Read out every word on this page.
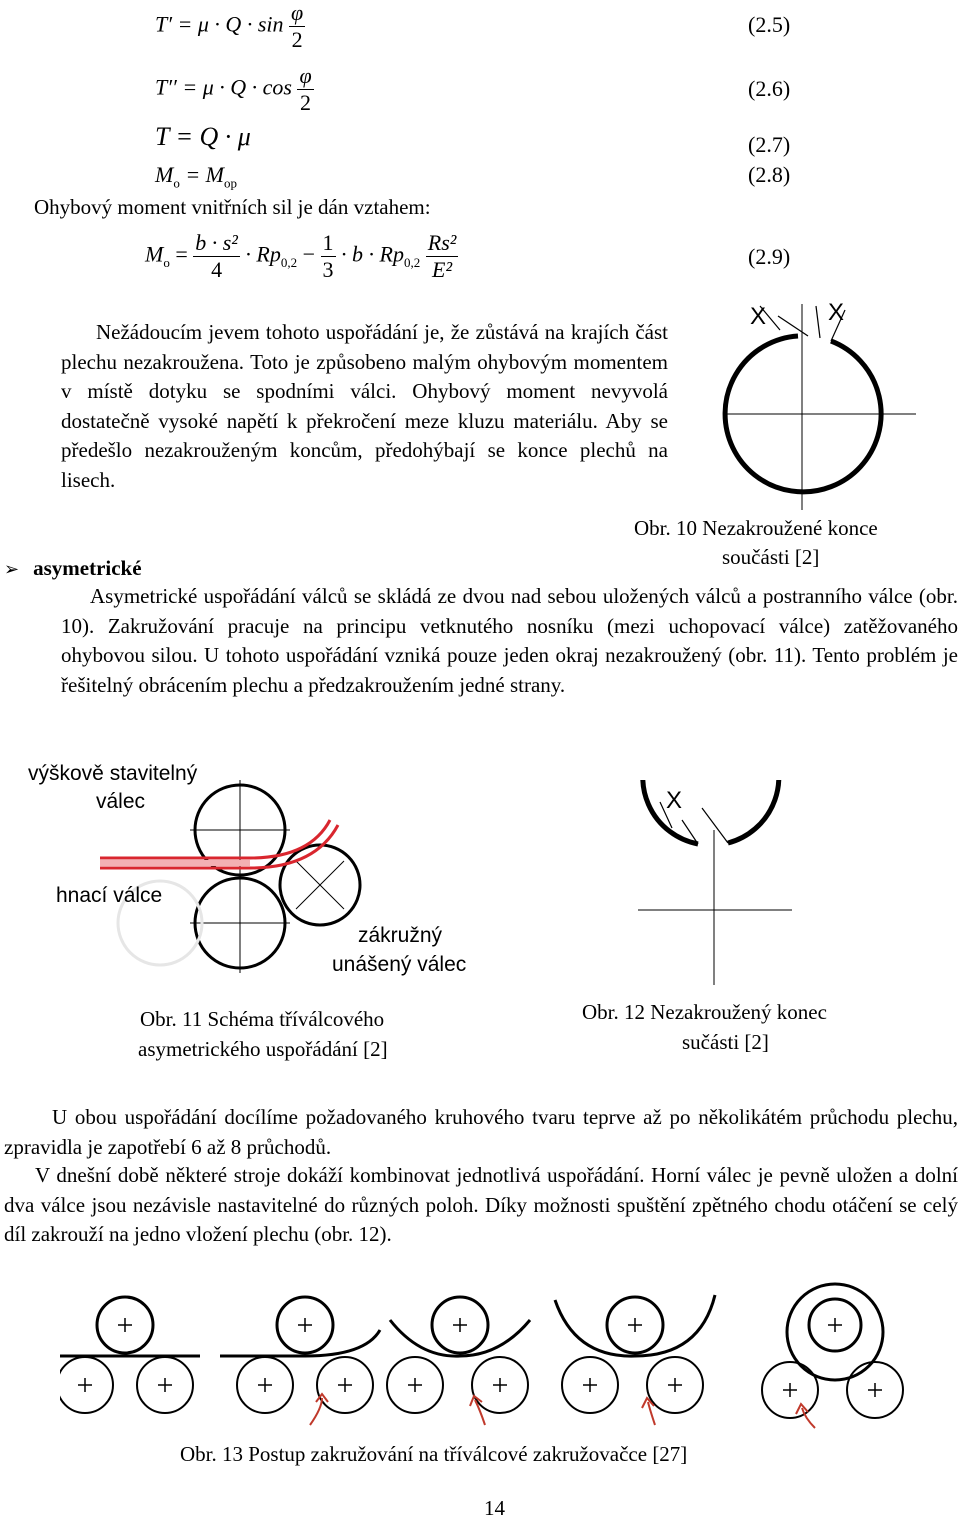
$T' = \mu \cdot Q \cdot \sin \frac{\varphi}{2}$	(2.5)
$T'' = \mu \cdot Q \cdot \cos \frac{\varphi}{2}$	(2.6)
T = Q · μ	(2.7)
$M_o = M_{op}$	(2.8)
Ohybový moment vnitřních sil je dán vztahem:
$M_o = \frac{\text{b · s²}}{4} \cdot Rp_{0,2} - \frac{1}{3} \cdot b \cdot Rp_{0,2} \frac{\text{Rs²}}{\text{E²}}$	(2.9)
Nežádoucím jevem tohoto uspořádání je, že zůstává na krajích část plechu nezakroužena. Toto je způsobeno malým ohybovým momentem v místě dotyku se spodními válci. Ohybový moment nevyvolá dostatečně vysoké napětí k překročení meze kluzu materiálu. Aby se předešlo nezakrouženým koncům, předohýbají se konce plechů na lisech.
X	X
Obr. 10 Nezakroužené konce
součásti [2]
➢ asymetrické
Asymetrické uspořádání válců se skládá ze dvou nad sebou uložených válců a postranního válce (obr. 10). Zakružování pracuje na principu vetknutého nosníku (mezi uchopovací válce) zatěžovaného ohybovou silou. U tohoto uspořádání vzniká pouze jeden okraj nezakroužený (obr. 11). Tento problém je řešitelný obrácením plechu a předzakroužením jedné strany.
výškově stavitelný
válec
hnací válce
zákružný
unášený válec
Obr. 11 Schéma tříválcového
asymetrického uspořádání [2]
X
Obr. 12 Nezakroužený konec
sučásti [2]
U obou uspořádání docílíme požadovaného kruhového tvaru teprve až po několikátém průchodu plechu, zpravidla je zapotřebí 6 až 8 průchodů.
V dnešní době některé stroje dokáží kombinovat jednotlivá uspořádání. Horní válec je pevně uložen a dolní dva válce jsou nezávisle nastavitelné do různých poloh. Díky možnosti spuštění zpětného chodu otáčení se celý díl zakrouží na jedno vložení plechu (obr. 12).
Obr. 13 Postup zakružování na tříválcové zakružovačce [27]
14
